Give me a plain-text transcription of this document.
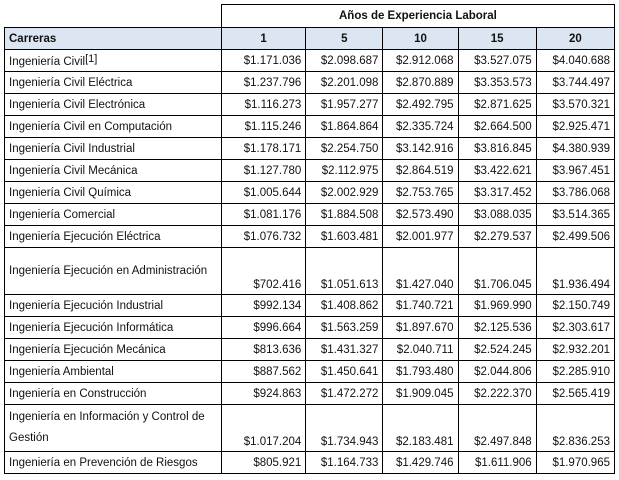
	Años de Experiencia Laboral				
Carreras	1	5	10	15	20
Ingeniería Civil[1]	$1.171.036	$2.098.687	$2.912.068	$3.527.075	$4.040.688
Ingeniería Civil Eléctrica	$1.237.796	$2.201.098	$2.870.889	$3.353.573	$3.744.497
Ingeniería Civil Electrónica	$1.116.273	$1.957.277	$2.492.795	$2.871.625	$3.570.321
Ingeniería Civil en Computación	$1.115.246	$1.864.864	$2.335.724	$2.664.500	$2.925.471
Ingeniería Civil Industrial	$1.178.171	$2.254.750	$3.142.916	$3.816.845	$4.380.939
Ingeniería Civil Mecánica	$1.127.780	$2.112.975	$2.864.519	$3.422.621	$3.967.451
Ingeniería Civil Química	$1.005.644	$2.002.929	$2.753.765	$3.317.452	$3.786.068
Ingeniería Comercial	$1.081.176	$1.884.508	$2.573.490	$3.088.035	$3.514.365
Ingeniería Ejecución Eléctrica	$1.076.732	$1.603.481	$2.001.977	$2.279.537	$2.499.506
Ingeniería Ejecución en Administración	$702.416	$1.051.613	$1.427.040	$1.706.045	$1.936.494
Ingeniería Ejecución Industrial	$992.134	$1.408.862	$1.740.721	$1.969.990	$2.150.749
Ingeniería Ejecución Informática	$996.664	$1.563.259	$1.897.670	$2.125.536	$2.303.617
Ingeniería Ejecución Mecánica	$813.636	$1.431.327	$2.040.711	$2.524.245	$2.932.201
Ingeniería Ambiental	$887.562	$1.450.641	$1.793.480	$2.044.806	$2.285.910
Ingeniería en Construcción	$924.863	$1.472.272	$1.909.045	$2.222.370	$2.565.419
Ingeniería en Información y Control de Gestión	$1.017.204	$1.734.943	$2.183.481	$2.497.848	$2.836.253
Ingeniería en Prevención de Riesgos	$805.921	$1.164.733	$1.429.746	$1.611.906	$1.970.965
